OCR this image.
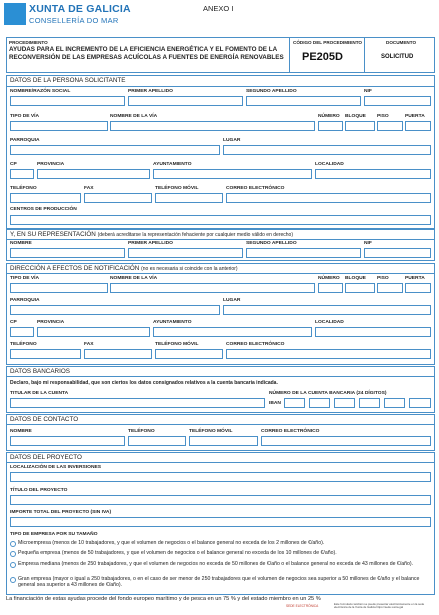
XUNTA DE GALICIA
CONSELLERÍA DO MAR
ANEXO I
PROCEDIMIENTO
AYUDAS PARA EL INCREMENTO DE LA EFICIENCIA ENERGÉTICA Y EL FOMENTO DE LA RECONVERSIÓN DE LAS EMPRESAS ACUÍCOLAS A FUENTES DE ENERGÍA RENOVABLES
CÓDIGO DEL PROCEDIMIENTO
PE205D
DOCUMENTO
SOLICITUD
DATOS DE LA PERSONA SOLICITANTE
NOMBRE/RAZÓN SOCIAL	PRIMER APELLIDO	SEGUNDO APELLIDO	NIF
TIPO DE VÍA	NOMBRE DE LA VÍA	NÚMERO BLOQUE PISO	PUERTA
PARROQUIA	LUGAR
CP	PROVINCIA	AYUNTAMIENTO	LOCALIDAD
TELÉFONO	FAX	TELÉFONO MÓVIL	CORREO ELECTRÓNICO
CENTROS DE PRODUCCIÓN
Y, EN SU REPRESENTACIÓN (deberá acreditarse la representación fehaciente por cualquier medio válido en derecho)
NOMBRE	PRIMER APELLIDO	SEGUNDO APELLIDO	NIF
DIRECCIÓN A EFECTOS DE NOTIFICACIÓN (no es necesaria si coincide con la anterior)
TIPO DE VÍA	NOMBRE DE LA VÍA	NÚMERO BLOQUE PISO	PUERTA
PARROQUIA	LUGAR
CP	PROVINCIA	AYUNTAMIENTO	LOCALIDAD
TELÉFONO	FAX	TELÉFONO MÓVIL	CORREO ELECTRÓNICO
DATOS BANCARIOS
Declaro, bajo mi responsabilidad, que son ciertos los datos consignados relativos a la cuenta bancaria indicada.
TITULAR DE LA CUENTA	NÚMERO DE LA CUENTA BANCARIA (24 DÍGITOS)
IBAN
DATOS DE CONTACTO
NOMBRE	TELÉFONO	TELÉFONO MÓVIL	CORREO ELECTRÓNICO
DATOS DEL PROYECTO
LOCALIZACIÓN DE LAS INVERSIONES
TÍTULO DEL PROYECTO
IMPORTE TOTAL DEL PROYECTO (SIN IVA)
TIPO DE EMPRESA POR SU TAMAÑO
Microempresa (menos de 10 trabajadores, y que el volumen de negocios o el balance general no exceda de los 2 millones de €/año).
Pequeña empresa (menos de 50 trabajadores, y que el volumen de negocios o el balance general no exceda de los 10 millones de €/año).
Empresa mediana (menos de 250 trabajadores, y que el volumen de negocios no exceda de 50 millones de €/año o el balance general no exceda de 43 millones de €/año).
Gran empresa (mayor o igual a 250 trabajadores, o en el caso de ser menor de 250 trabajadores que el volumen de negocios sea superior a 50 millones de €/año y el balance general sea superior a 43 millones de €/año).
La financiación de estas ayudas procede del fondo europeo marítimo y de pesca en un 75 % y del estado miembro en un 25 %
SEDE ELECTRÓNICA	Este formulario también se puede presentar electrónicamente en la sede electrónica de la Xunta de Galicia https://sede.xunta.gal
